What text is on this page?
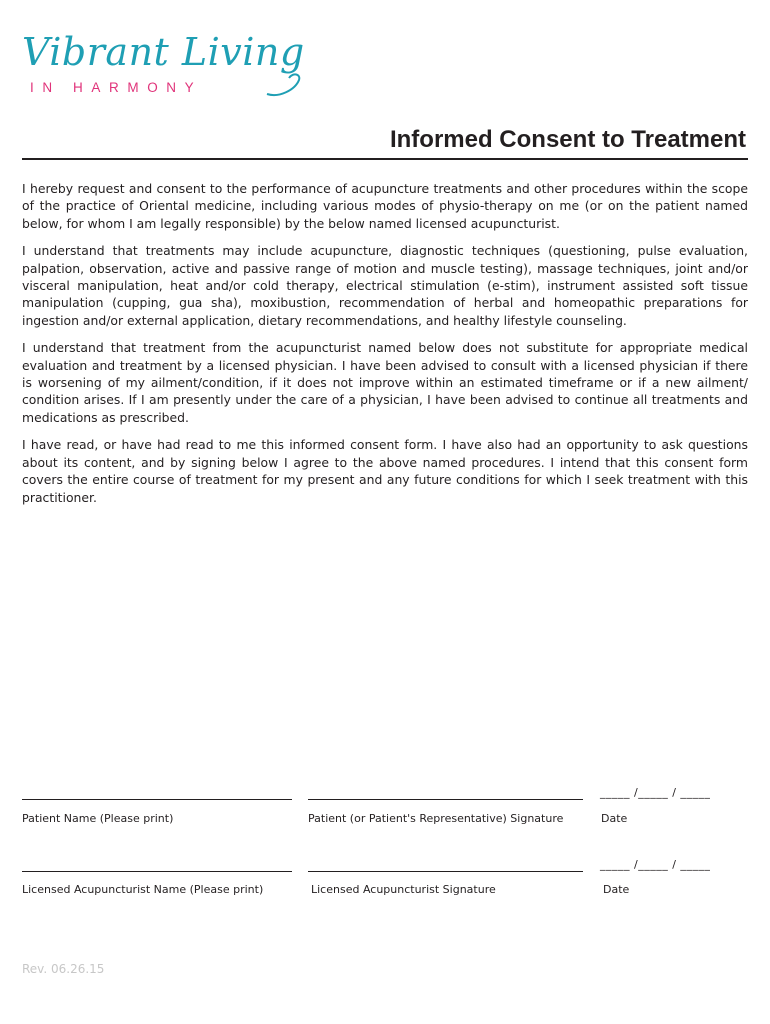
Vibrant Living
IN HARMONY
Informed Consent to Treatment

I hereby request and consent to the performance of acupuncture treatments and other procedures within the scope of the practice of Oriental medicine, including various modes of physio-therapy on me (or on the patient named below, for whom I am legally responsible) by the below named licensed acupuncturist.

I understand that treatments may include acupuncture, diagnostic techniques (questioning, pulse evaluation, palpation, observation, active and passive range of motion and muscle testing), massage techniques, joint and/or visceral manipulation, heat and/or cold therapy, electrical stimulation (e-stim), instrument assisted soft tissue manipulation (cupping, gua sha), moxibustion, recommendation of herbal and homeopathic preparations for ingestion and/or external application, dietary recommendations, and healthy lifestyle counseling.

I understand that treatment from the acupuncturist named below does not substitute for appropriate medical evaluation and treatment by a licensed physician. I have been advised to consult with a licensed physician if there is worsening of my ailment/condition, if it does not improve within an estimated timeframe or if a new ailment/ condition arises. If I am presently under the care of a physician, I have been advised to continue all treatments and medications as prescribed.

I have read, or have had read to me this informed consent form. I have also had an opportunity to ask questions about its content, and by signing below I agree to the above named procedures. I intend that this consent form covers the entire course of treatment for my present and any future conditions for which I seek treatment with this practitioner.

_____ /_____ / _____
Patient Name (Please print)	Patient (or Patient's Representative) Signature	Date
_____ /_____ / _____
Licensed Acupuncturist Name (Please print)	Licensed Acupuncturist Signature	Date
Rev. 06.26.15
